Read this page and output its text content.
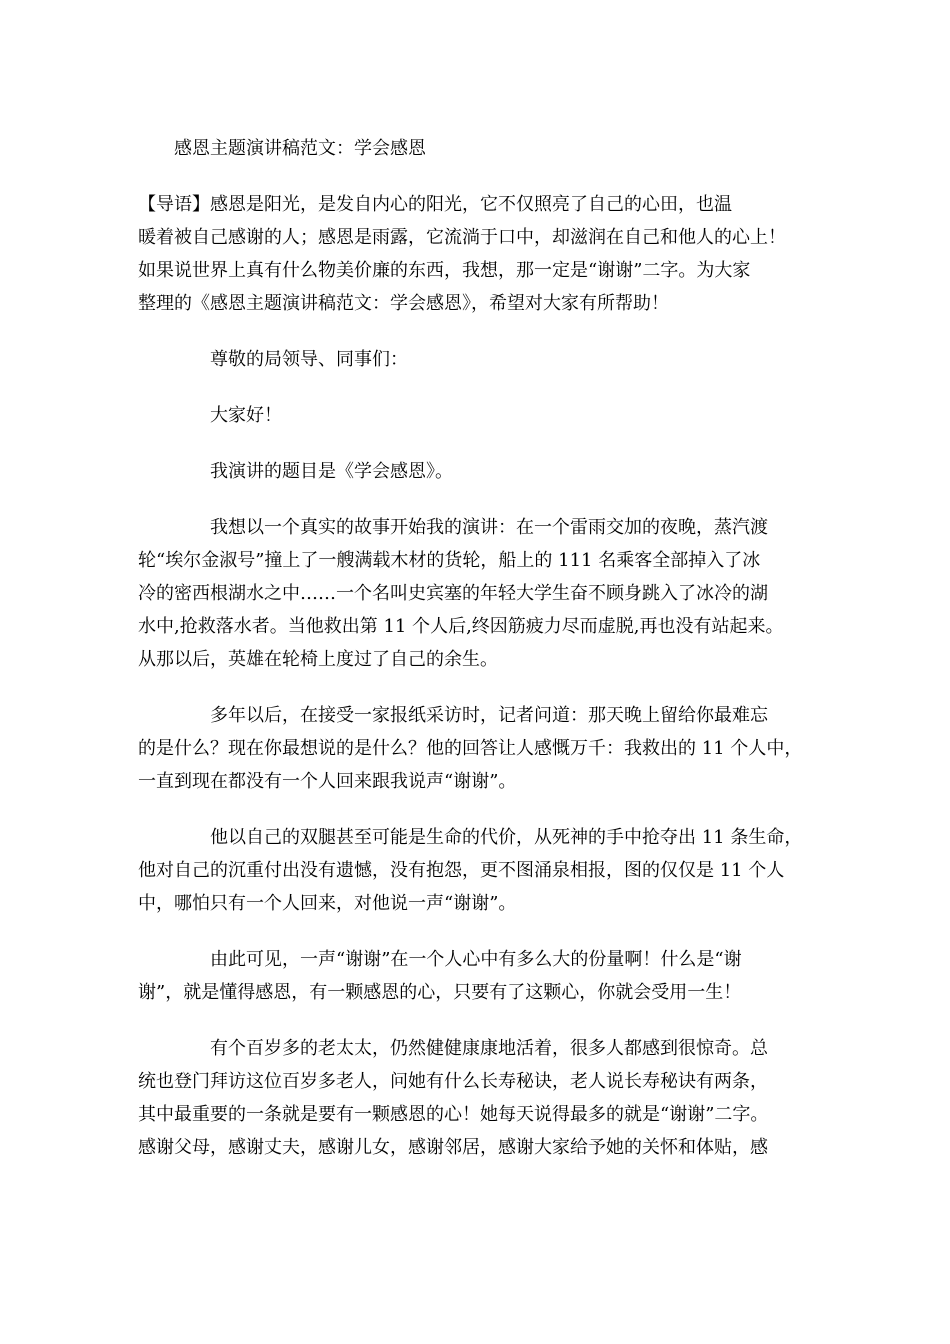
感恩主题演讲稿范文：学会感恩

【导语】感恩是阳光，是发自内心的阳光，它不仅照亮了自己的心田，也温

暖着被自己感谢的人；感恩是雨露，它流淌于口中，却滋润在自己和他人的心上！

如果说世界上真有什么物美价廉的东西，我想，那一定是“谢谢”二字。为大家

整理的《感恩主题演讲稿范文：学会感恩》，希望对大家有所帮助！

尊敬的局领导、同事们：

大家好！

我演讲的题目是《学会感恩》。

我想以一个真实的故事开始我的演讲：在一个雷雨交加的夜晚，蒸汽渡

轮“埃尔金淑号”撞上了一艘满载木材的货轮，船上的 111 名乘客全部掉入了冰

冷的密西根湖水之中……一个名叫史宾塞的年轻大学生奋不顾身跳入了冰冷的湖

水中,抢救落水者。当他救出第 11 个人后,终因筋疲力尽而虚脱,再也没有站起来。

从那以后，英雄在轮椅上度过了自己的余生。

多年以后，在接受一家报纸采访时，记者问道：那天晚上留给你最难忘

的是什么？现在你最想说的是什么？他的回答让人感慨万千：我救出的 11 个人中，

一直到现在都没有一个人回来跟我说声“谢谢”。

他以自己的双腿甚至可能是生命的代价，从死神的手中抢夺出 11 条生命，

他对自己的沉重付出没有遗憾，没有抱怨，更不图涌泉相报，图的仅仅是 11 个人

中，哪怕只有一个人回来，对他说一声“谢谢”。

由此可见，一声“谢谢”在一个人心中有多么大的份量啊！什么是“谢

谢”，就是懂得感恩，有一颗感恩的心，只要有了这颗心，你就会受用一生！

有个百岁多的老太太，仍然健健康康地活着，很多人都感到很惊奇。总

统也登门拜访这位百岁多老人，问她有什么长寿秘诀，老人说长寿秘诀有两条，

其中最重要的一条就是要有一颗感恩的心！她每天说得最多的就是“谢谢”二字。

感谢父母，感谢丈夫，感谢儿女，感谢邻居，感谢大家给予她的关怀和体贴，感
